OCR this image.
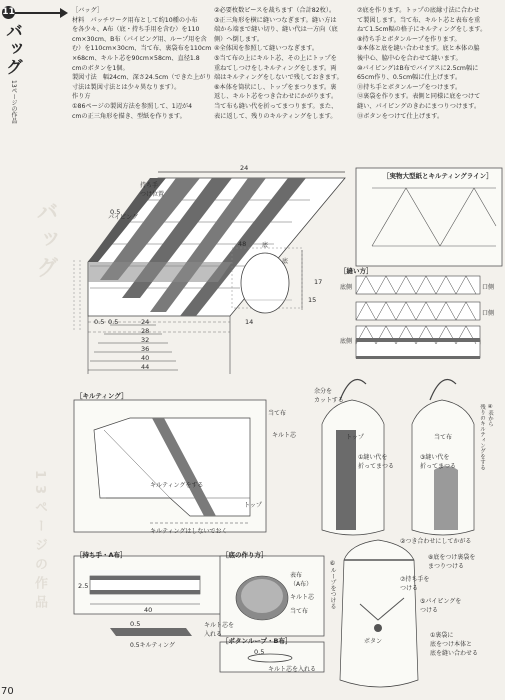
11
バッグ
13ページの作品
70
バッグ
13ページの作品
［バッグ］
材料　パッチワーク用布として約10種の小布
を各少々、A布（底・持ち手用を含む）を110
cm×30cm、B布（パイピング用、ループ用を含
む）を110cm×30cm、当て布、裏袋布を110cm
×68cm、キルト芯を90cm×58cm、直径1.8
cmのボタンを1個。
製図寸法　幅24cm、深さ24.5cm（できた上がり
寸法は製図寸法とは少々異なります）。
作り方
①86ページの製図方法を参照して、1辺が4
cmの正三角形を描き、型紙を作ります。
②必要枚数ピースを裁ちます（合計82枚）。
③正三角形を横に縫いつなぎます。縫い方は
端から端まで縫い切り、縫い代は一方向（底
側）へ倒します。
④全体図を参照して縫いつなぎます。
⑤当て布の上にキルト芯、その上にトップを
重ねてしつけをしキルティングをします。両
端はキルティングをしないで残しておきます。
⑥本体を筒状にし、トップをまつります。裏
返し、キルト芯をつき合わせにかがります。
当て布も縫い代を折ってまつります。また、
表に返して、残りのキルティングをします。
⑦底を作ります。トップの底縁寸法に合わせ
て製図します。当て布、キルト芯と表布を重
ねて1.5cm幅の格子にキルティングをします。
⑧持ち手とボタンループを作ります。
⑨本体と底を縫い合わせます。底と本体の脇
後中心、脇中心を合わせて縫います。
⑩パイピングはB布でバイアスに2.5cm幅に
65cm作り、0.5cm幅に仕上げます。
⑪持ち手とボタンループをつけます。
⑫裏袋を作ります。表側と同様に底をつけて
縫い、パイピングのきわにまつりつけます。
⑬ボタンをつけて仕上げます。
24
持ち手
つけ位置
パイピング
底
48
0.5
24
28
32
36
40
44
0.5 0.5
底
14
15
17
［実物大型紙とキルティングライン］
［縫い方］
底側
底側
口側
口側
［キルティング］
キルティングをする
トップ
キルティングはしないでおく
当て布
キルト芯
余分を
カットする
トップ
①縫い代を
折ってまつる
当て布
③縫い代を
折ってまつる
②つき合わせにしてかがる
④表から
残りのキルティングをする
［持ち手・A布］
2.5
40
0.5
0.5キルティング
キルト芯を
入れる
［底の作り方］
表布
（A布）
キルト芯
当て布
［ボタンループ・B布］
キルト芯を入れる
0.5
⑥ループをつける	⑦持ち手を
つける
⑧底をつけ裏袋を
まつりつける
⑤パイピングを
つける
①裏袋に
底をつけ本体と
底を縫い合わせる
ボタン
